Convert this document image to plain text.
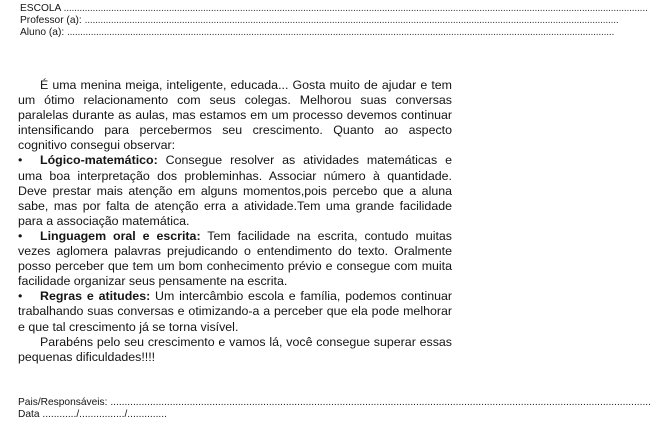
ESCOLA ..............................................................................................................................................................................................................................
Professor (a): ...........................................................................................................................................................................................................
Aluno (a): ................................................................................................................................................................................................................

É uma menina meiga, inteligente, educada... Gosta muito de ajudar e tem um ótimo relacionamento com seus colegas. Melhorou suas conversas paralelas durante as aulas, mas estamos em um processo devemos continuar intensificando para percebermos seu crescimento. Quanto ao aspecto cognitivo consegui observar:

• Lógico-matemático: Consegue resolver as atividades matemáticas e uma boa interpretação dos probleminhas. Associar número à quantidade. Deve prestar mais atenção em alguns momentos,pois percebo que a aluna sabe, mas por falta de atenção erra a atividade.Tem uma grande facilidade para a associação matemática.

• Linguagem oral e escrita: Tem facilidade na escrita, contudo muitas vezes aglomera palavras prejudicando o entendimento do texto. Oralmente posso perceber que tem um bom conhecimento prévio e consegue com muita facilidade organizar seus pensamente na escrita.

• Regras e atitudes: Um intercâmbio escola e família, podemos continuar trabalhando suas conversas e otimizando-a a perceber que ela pode melhorar e que tal crescimento já se torna visível.

Parabéns pelo seu crescimento e vamos lá, você consegue superar essas pequenas dificuldades!!!!

Pais/Responsáveis: ...............................................................................................................................................................................................
Data ............/................/..............
